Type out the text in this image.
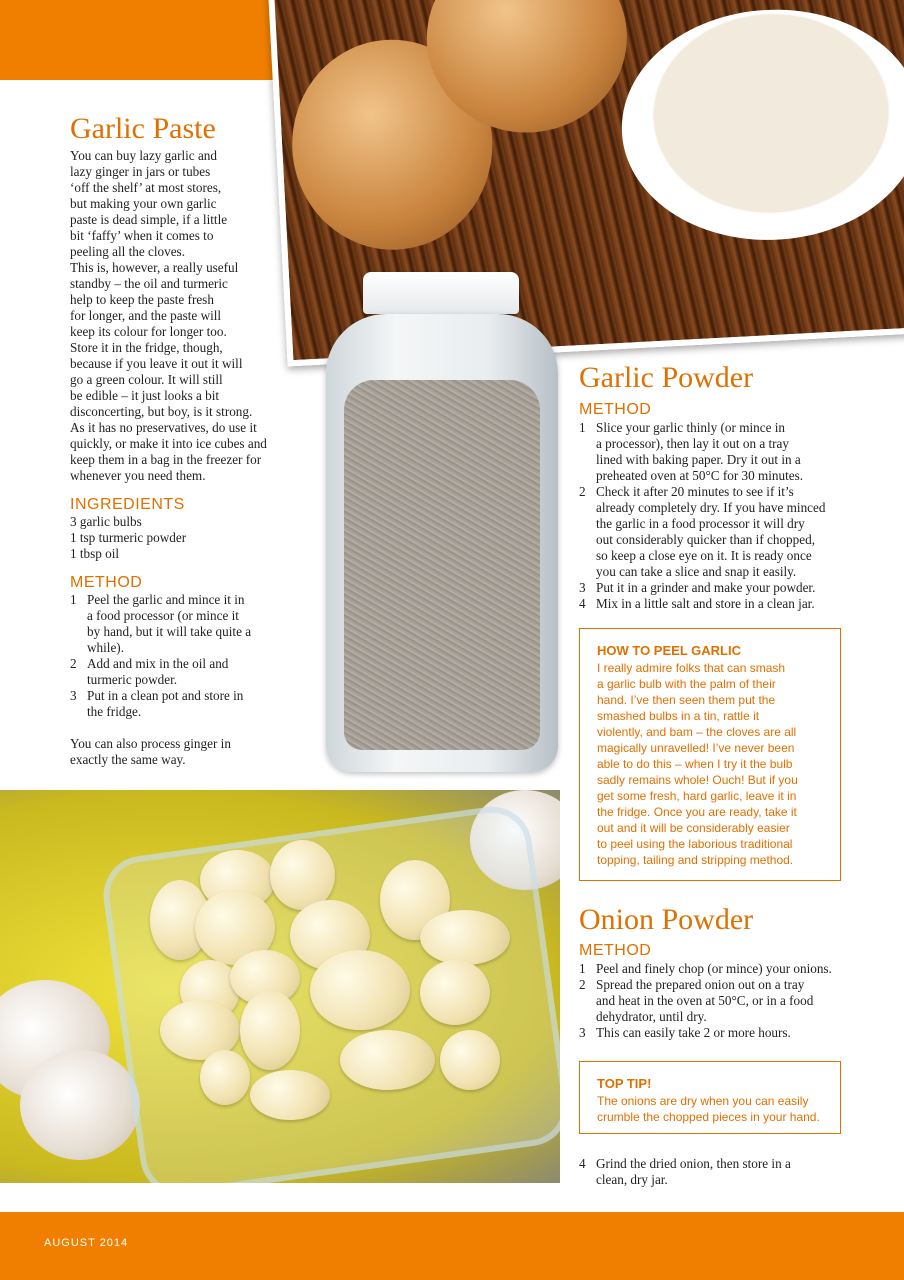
Garlic Paste

You can buy lazy garlic and
lazy ginger in jars or tubes
‘off the shelf’ at most stores,
but making your own garlic
paste is dead simple, if a little
bit ‘faffy’ when it comes to
peeling all the cloves.
This is, however, a really useful
standby – the oil and turmeric
help to keep the paste fresh
for longer, and the paste will
keep its colour for longer too.
Store it in the fridge, though,
because if you leave it out it will
go a green colour. It will still
be edible – it just looks a bit
disconcerting, but boy, is it strong.
As it has no preservatives, do use it
quickly, or make it into ice cubes and
keep them in a bag in the freezer for
whenever you need them.

INGREDIENTS

3 garlic bulbs
1 tsp turmeric powder
1 tbsp oil

METHOD
1 Peel the garlic and mince it in
a food processor (or mince it
by hand, but it will take quite a
while).
2 Add and mix in the oil and
turmeric powder.
3 Put in a clean pot and store in
the fridge.

You can also process ginger in
exactly the same way.

Garlic Powder
METHOD
1 Slice your garlic thinly (or mince in
a processor), then lay it out on a tray
lined with baking paper. Dry it out in a
preheated oven at 50°C for 30 minutes.
2 Check it after 20 minutes to see if it’s
already completely dry. If you have minced
the garlic in a food processor it will dry
out considerably quicker than if chopped,
so keep a close eye on it. It is ready once
you can take a slice and snap it easily.
3 Put it in a grinder and make your powder.
4 Mix in a little salt and store in a clean jar.

HOW TO PEEL GARLIC

I really admire folks that can smash
a garlic bulb with the palm of their
hand. I’ve then seen them put the
smashed bulbs in a tin, rattle it
violently, and bam – the cloves are all
magically unravelled! I’ve never been
able to do this – when I try it the bulb
sadly remains whole! Ouch! But if you
get some fresh, hard garlic, leave it in
the fridge. Once you are ready, take it
out and it will be considerably easier
to peel using the laborious traditional
topping, tailing and stripping method.

Onion Powder
METHOD
1 Peel and finely chop (or mince) your onions.
2 Spread the prepared onion out on a tray
and heat in the oven at 50°C, or in a food
dehydrator, until dry.
3 This can easily take 2 or more hours.

TOP TIP!

The onions are dry when you can easily
crumble the chopped pieces in your hand.

4 Grind the dried onion, then store in a
clean, dry jar.
AUGUST 2014
